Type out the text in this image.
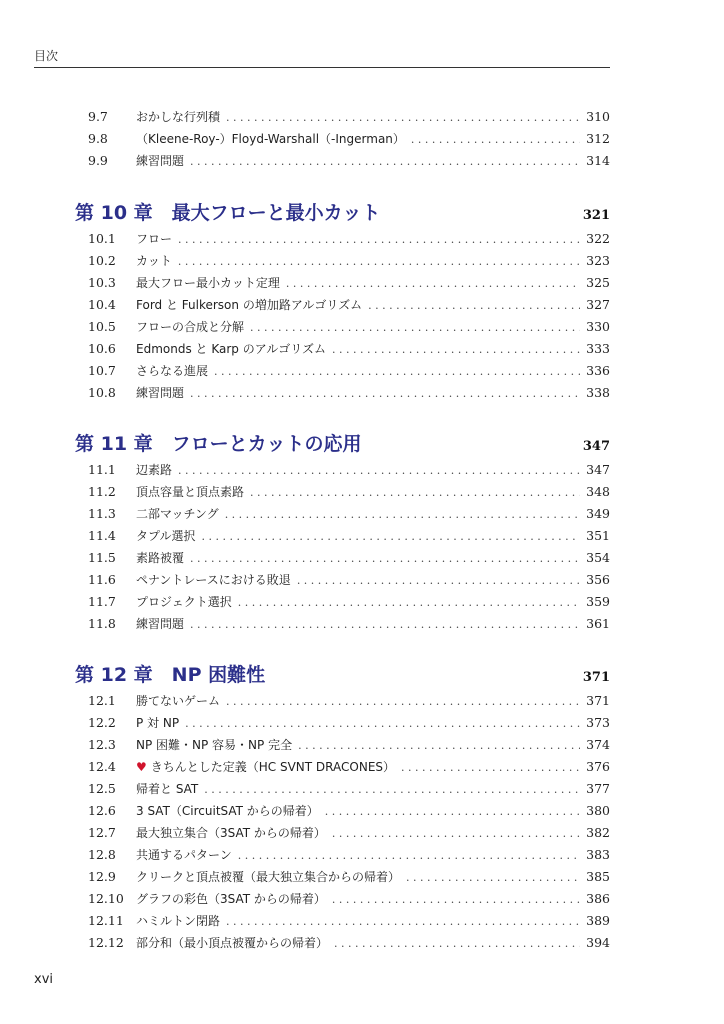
目次
9.7	おかしな行列積 . . .	310
9.8	（Kleene-Roy-）Floyd-Warshall（-Ingerman） . . .	312
9.9	練習問題 . . .	314
第 10 章　最大フローと最小カット	321
10.1	フロー . . .	322
10.2	カット . . .	323
10.3	最大フロー最小カット定理 . . .	325
10.4	Ford と Fulkerson の増加路アルゴリズム . . .	327
10.5	フローの合成と分解 . . .	330
10.6	Edmonds と Karp のアルゴリズム . . .	333
10.7	さらなる進展 . . .	336
10.8	練習問題 . . .	338
第 11 章　フローとカットの応用	347
11.1	辺素路 . . .	347
11.2	頂点容量と頂点素路 . . .	348
11.3	二部マッチング . . .	349
11.4	タプル選択 . . .	351
11.5	素路被覆 . . .	354
11.6	ペナントレースにおける敗退 . . .	356
11.7	プロジェクト選択 . . .	359
11.8	練習問題 . . .	361
第 12 章　NP 困難性	371
12.1	勝てないゲーム . . .	371
12.2	P 対 NP . . .	373
12.3	NP 困難・NP 容易・NP 完全 . . .	374
12.4	♥ きちんとした定義（HC SVNT DRACONES） . . .	376
12.5	帰着と SAT . . .	377
12.6	3 SAT（CircuitSAT からの帰着） . . .	380
12.7	最大独立集合（3SAT からの帰着） . . .	382
12.8	共通するパターン . . .	383
12.9	クリークと頂点被覆（最大独立集合からの帰着） . . .	385
12.10	グラフの彩色（3SAT からの帰着） . . .	386
12.11	ハミルトン閉路 . . .	389
12.12	部分和（最小頂点被覆からの帰着） . . .	394
xvi
